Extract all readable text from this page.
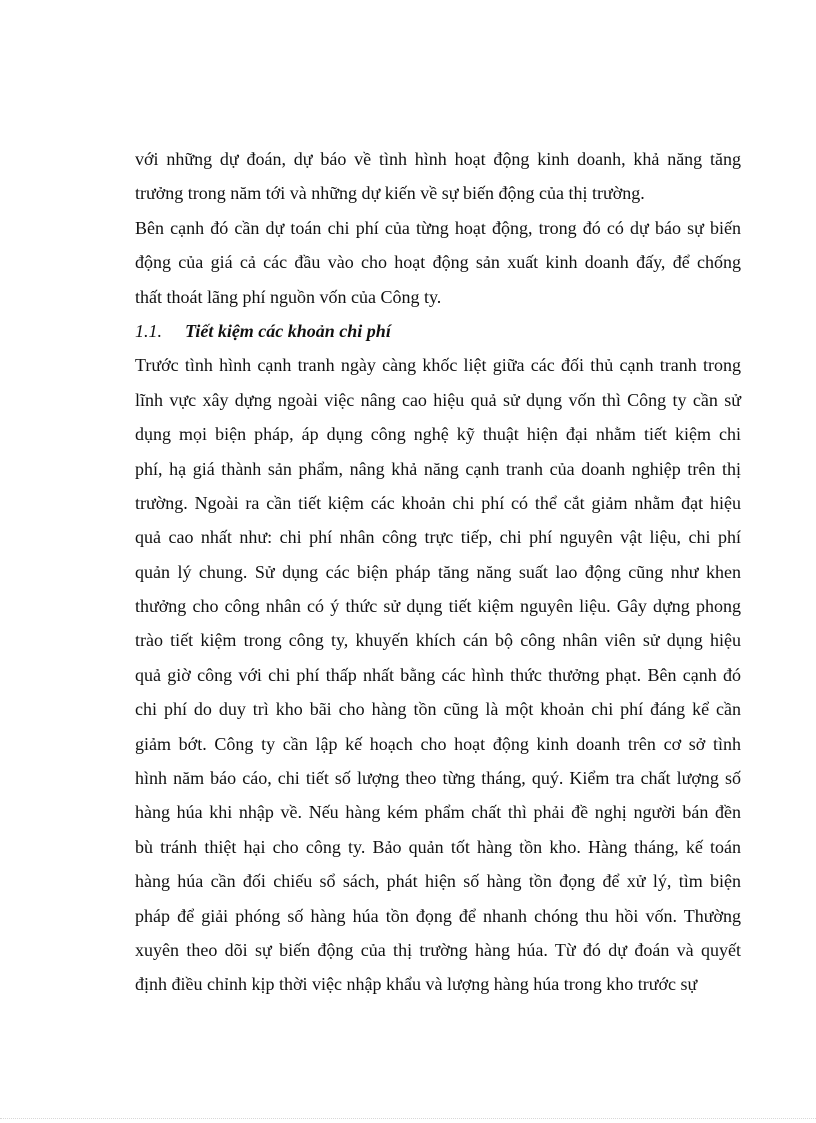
với những dự đoán, dự báo về tình hình hoạt động kinh doanh, khả năng tăng
trưởng trong năm tới và những dự kiến về sự biến động của thị trường.
Bên cạnh đó cần dự toán chi phí của từng hoạt động, trong đó có dự báo sự biến
động của giá cả các đầu vào cho hoạt động sản xuất kinh doanh đấy, để chống
thất thoát lãng phí nguồn vốn của Công ty.
1.1. Tiết kiệm các khoản chi phí
Trước tình hình cạnh tranh ngày càng khốc liệt giữa các đối thủ cạnh tranh trong
lĩnh vực xây dựng ngoài việc nâng cao hiệu quả sử dụng vốn thì Công ty cần sử
dụng mọi biện pháp, áp dụng công nghệ kỹ thuật hiện đại nhằm tiết kiệm chi
phí, hạ giá thành sản phẩm, nâng khả năng cạnh tranh của doanh nghiệp trên thị
trường. Ngoài ra cần tiết kiệm các khoản chi phí có thể cắt giảm nhằm đạt hiệu
quả cao nhất như: chi phí nhân công trực tiếp, chi phí nguyên vật liệu, chi phí
quản lý chung. Sử dụng các biện pháp tăng năng suất lao động cũng như khen
thưởng cho công nhân có ý thức sử dụng tiết kiệm nguyên liệu. Gây dựng phong
trào tiết kiệm trong công ty, khuyến khích cán bộ công nhân viên sử dụng hiệu
quả giờ công với chi phí thấp nhất bằng các hình thức thưởng phạt. Bên cạnh đó
chi phí do duy trì kho bãi cho hàng tồn cũng là một khoản chi phí đáng kể cần
giảm bớt. Công ty cần lập kế hoạch cho hoạt động kinh doanh trên cơ sở tình
hình năm báo cáo, chi tiết số lượng theo từng tháng, quý. Kiểm tra chất lượng số
hàng húa khi nhập về. Nếu hàng kém phẩm chất thì phải đề nghị người bán đền
bù tránh thiệt hại cho công ty. Bảo quản tốt hàng tồn kho. Hàng tháng, kế toán
hàng húa cần đối chiếu sổ sách, phát hiện số hàng tồn đọng để xử lý, tìm biện
pháp để giải phóng số hàng húa tồn đọng để nhanh chóng thu hồi vốn. Thường
xuyên theo dõi sự biến động của thị trường hàng húa. Từ đó dự đoán và quyết
định điều chỉnh kịp thời việc nhập khẩu và lượng hàng húa trong kho trước sự
